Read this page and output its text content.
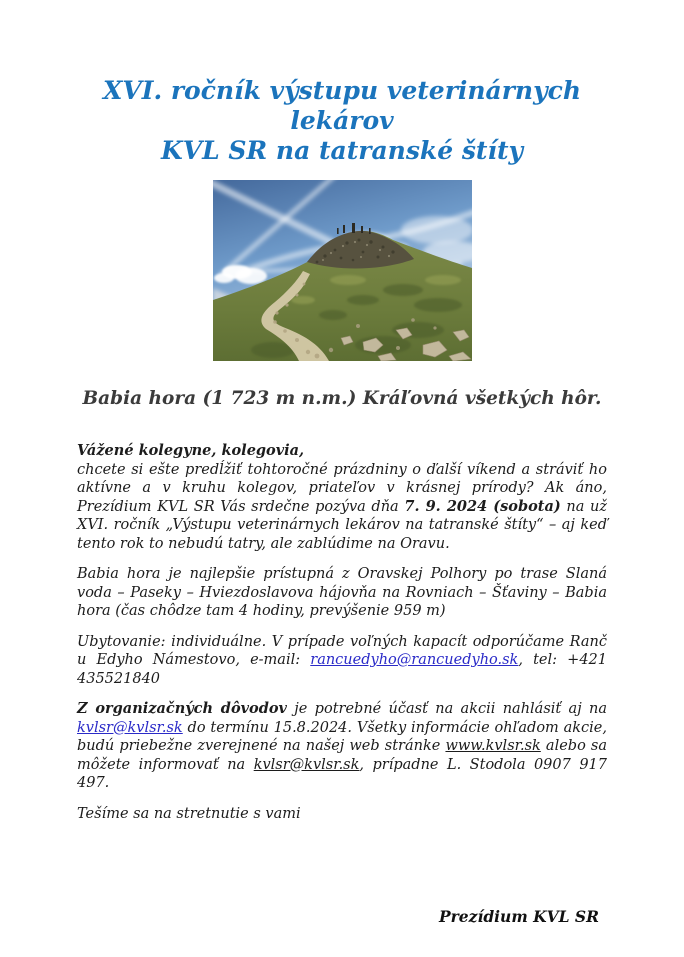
XVI. ročník výstupu veterinárnych lekárov
KVL SR na tatranské štíty
Babia hora (1 723 m n.m.) Kráľovná všetkých hôr.
Vážené kolegyne, kolegovia,

chcete si ešte predĺžiť tohtoročné prázdniny o ďalší víkend a stráviť ho aktívne a v kruhu kolegov, priateľov v krásnej prírody? Ak áno, Prezídium KVL SR Vás srdečne pozýva dňa 7. 9. 2024 (sobota) na už XVI. ročník „Výstupu veterinárnych lekárov na tatranské štíty“ – aj keď tento rok to nebudú tatry, ale zablúdime na Oravu.

Babia hora je najlepšie prístupná z Oravskej Polhory po trase Slaná voda – Paseky – Hviezdoslavova hájovňa na Rovniach – Šťaviny – Babia hora (čas chôdze tam 4 hodiny, prevýšenie 959 m)

Ubytovanie: individuálne. V prípade voľných kapacít odporúčame Ranč u Edyho Námestovo, e-mail: rancuedyho@rancuedyho.sk, tel: +421 435521840

Z organizačných dôvodov je potrebné účasť na akcii nahlásiť aj na kvlsr@kvlsr.sk do termínu 15.8.2024. Všetky informácie ohľadom akcie, budú priebežne zverejnené na našej web stránke www.kvlsr.sk alebo sa môžete informovať na kvlsr@kvlsr.sk, prípadne L. Stodola 0907 917 497.

Tešíme sa na stretnutie s vami

Prezídium KVL SR
